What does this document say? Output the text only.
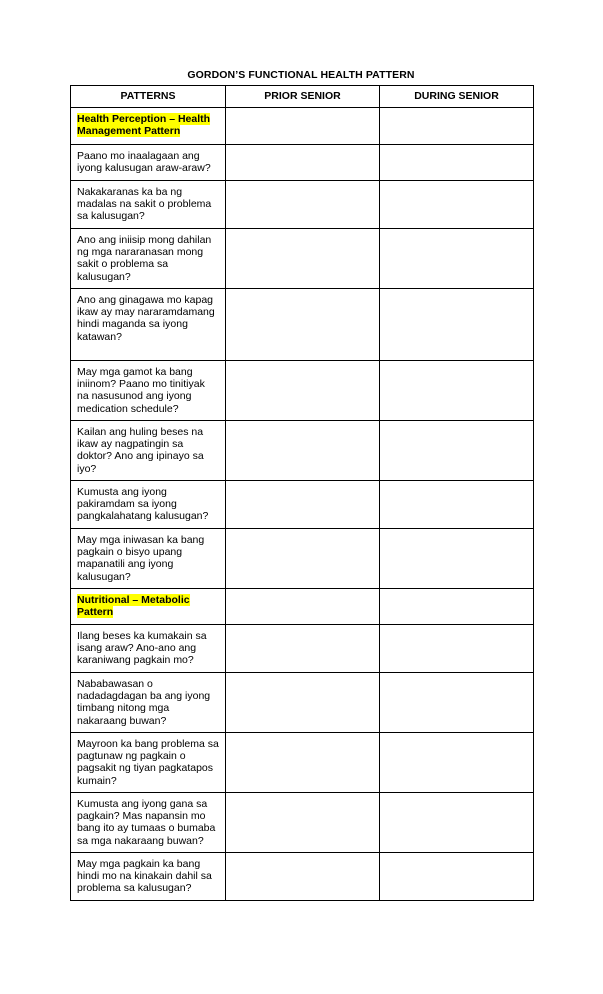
GORDON’S FUNCTIONAL HEALTH PATTERN
PATTERNS	PRIOR SENIOR	DURING SENIOR
Health Perception – Health Management Pattern		
Paano mo inaalagaan ang iyong kalusugan araw-araw?		
Nakakaranas ka ba ng madalas na sakit o problema sa kalusugan?		
Ano ang iniisip mong dahilan ng mga nararanasan mong sakit o problema sa kalusugan?		
Ano ang ginagawa mo kapag ikaw ay may nararamdamang hindi maganda sa iyong katawan?		
May mga gamot ka bang iniinom? Paano mo tinitiyak na nasusunod ang iyong medication schedule?		
Kailan ang huling beses na ikaw ay nagpatingin sa doktor? Ano ang ipinayo sa iyo?		
Kumusta ang iyong pakiramdam sa iyong pangkalahatang kalusugan?		
May mga iniwasan ka bang pagkain o bisyo upang mapanatili ang iyong kalusugan?		
Nutritional – Metabolic Pattern		
Ilang beses ka kumakain sa isang araw? Ano-ano ang karaniwang pagkain mo?		
Nababawasan o nadadagdagan ba ang iyong timbang nitong mga nakaraang buwan?		
Mayroon ka bang problema sa pagtunaw ng pagkain o pagsakit ng tiyan pagkatapos kumain?		
Kumusta ang iyong gana sa pagkain? Mas napansin mo bang ito ay tumaas o bumaba sa mga nakaraang buwan?		
May mga pagkain ka bang hindi mo na kinakain dahil sa problema sa kalusugan?		
